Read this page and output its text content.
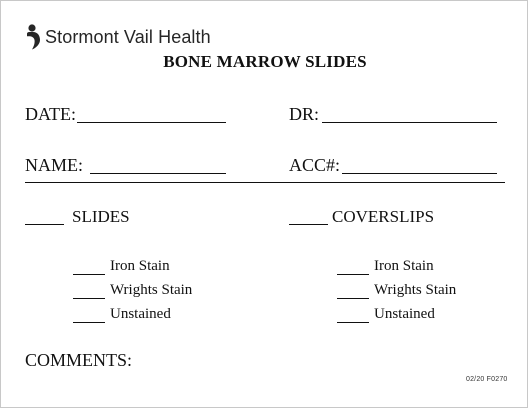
Stormont Vail Health
BONE MARROW SLIDES
DATE:	DR:
NAME:	ACC#:
SLIDES
Iron Stain
Wrights Stain
Unstained
COVERSLIPS
Iron Stain
Wrights Stain
Unstained
COMMENTS:
02/20 F0270
